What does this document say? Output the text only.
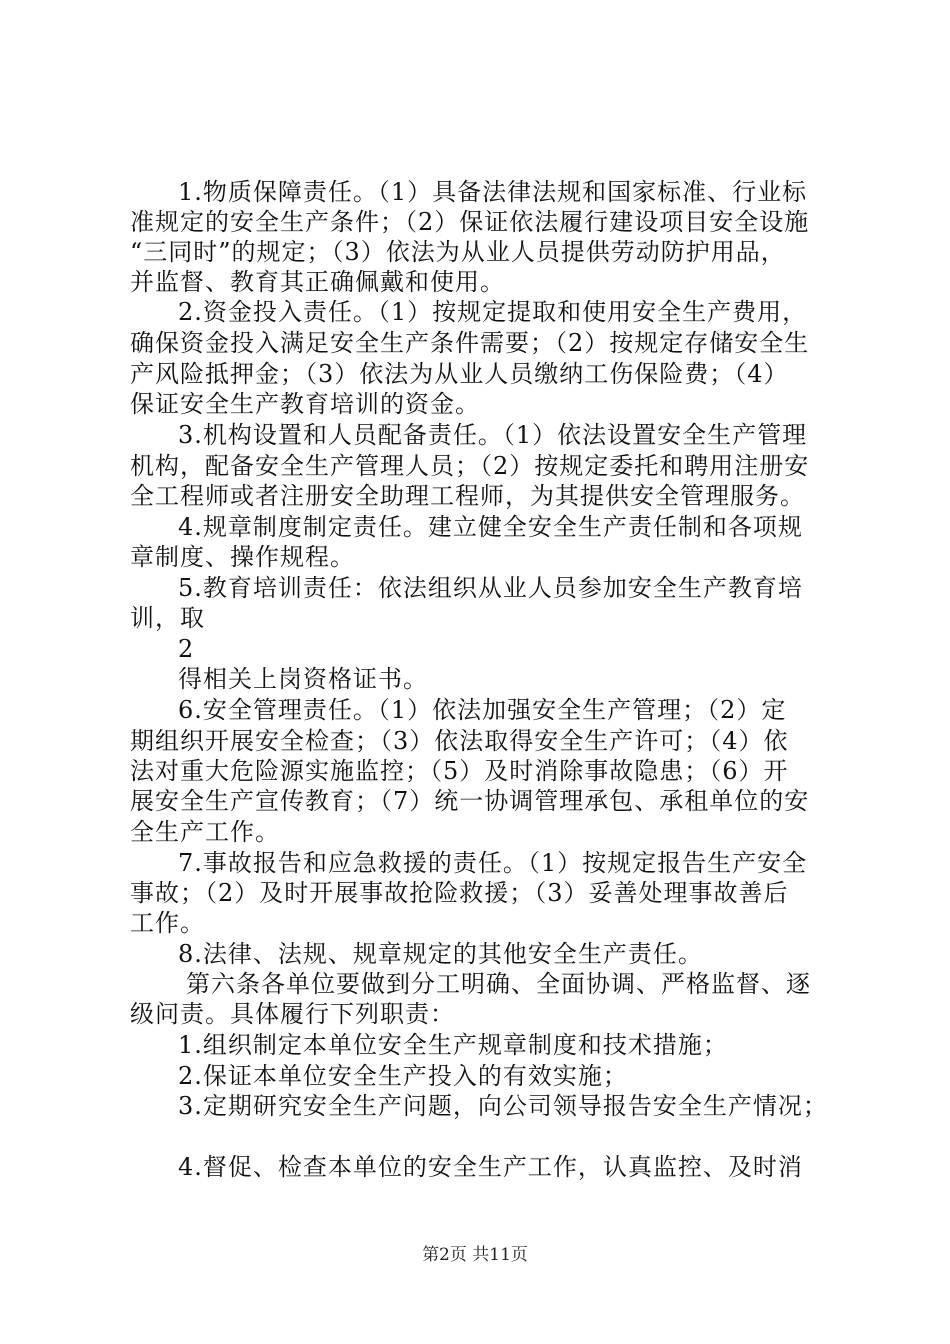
1.物质保障责任。（1）具备法律法规和国家标准、行业标
准规定的安全生产条件；（2）保证依法履行建设项目安全设施
“三同时”的规定；（3）依法为从业人员提供劳动防护用品，
并监督、教育其正确佩戴和使用。
2.资金投入责任。（1）按规定提取和使用安全生产费用，
确保资金投入满足安全生产条件需要；（2）按规定存储安全生
产风险抵押金；（3）依法为从业人员缴纳工伤保险费；（4）
保证安全生产教育培训的资金。
3.机构设置和人员配备责任。（1）依法设置安全生产管理
机构，配备安全生产管理人员；（2）按规定委托和聘用注册安
全工程师或者注册安全助理工程师，为其提供安全管理服务。
4.规章制度制定责任。建立健全安全生产责任制和各项规
章制度、操作规程。
5.教育培训责任：依法组织从业人员参加安全生产教育培
训，取
2
得相关上岗资格证书。
6.安全管理责任。（1）依法加强安全生产管理；（2）定
期组织开展安全检查；（3）依法取得安全生产许可；（4）依
法对重大危险源实施监控；（5）及时消除事故隐患；（6）开
展安全生产宣传教育；（7）统一协调管理承包、承租单位的安
全生产工作。
7.事故报告和应急救援的责任。（1）按规定报告生产安全
事故；（2）及时开展事故抢险救援；（3）妥善处理事故善后
工作。
8.法律、法规、规章规定的其他安全生产责任。
第六条各单位要做到分工明确、全面协调、严格监督、逐
级问责。具体履行下列职责：
1.组织制定本单位安全生产规章制度和技术措施；
2.保证本单位安全生产投入的有效实施；
3.定期研究安全生产问题，向公司领导报告安全生产情况；
4.督促、检查本单位的安全生产工作，认真监控、及时消
第2页 共11页
